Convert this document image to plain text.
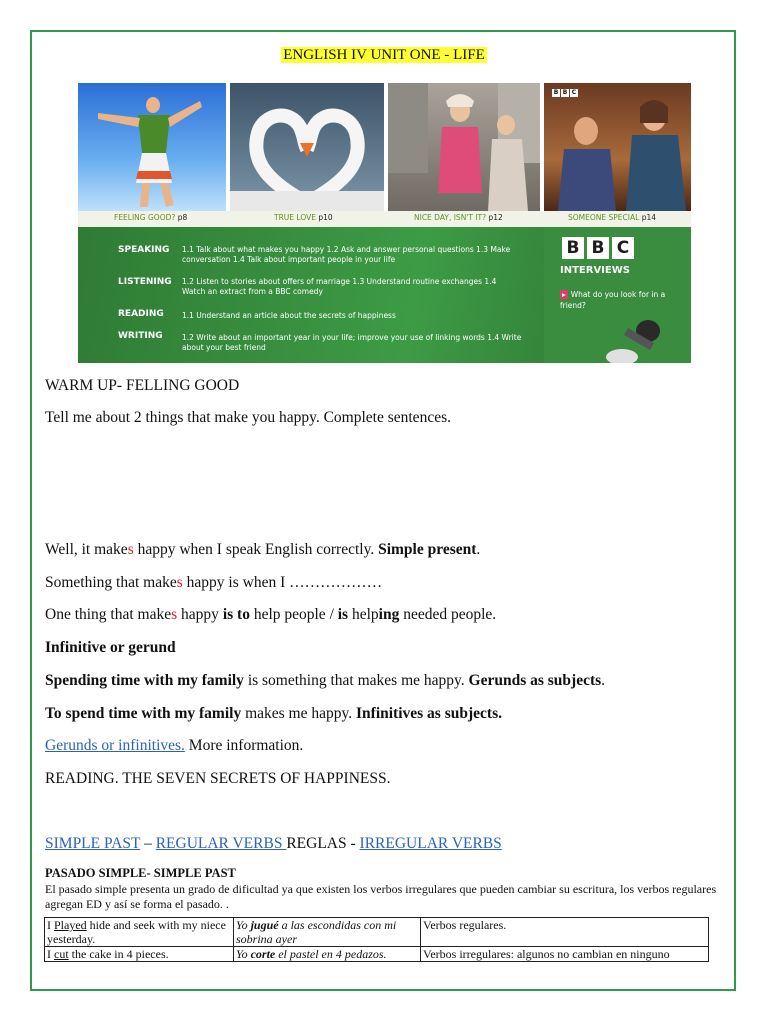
ENGLISH IV UNIT ONE - LIFE
B B C
FEELING GOOD? p8	TRUE LOVE p10	NICE DAY, ISN'T IT? p12	SOMEONE SPECIAL p14
SPEAKING 1.1 Talk about what makes you happy 1.2 Ask and answer personal questions 1.3 Make conversation 1.4 Talk about important people in your life
LISTENING 1.2 Listen to stories about offers of marriage 1.3 Understand routine exchanges 1.4 Watch an extract from a BBC comedy
READING 1.1 Understand an article about the secrets of happiness
WRITING	1.2 Write about an important year in your life; improve your use of linking words 1.4 Write about your best friend
B B C
INTERVIEWS
▸ What do you look for in a friend?
WARM UP- FELLING GOOD
Tell me about 2 things that make you happy. Complete sentences.
Well, it makes happy when I speak English correctly. Simple present.
Something that makes happy is when I ………………
One thing that makes happy is to help people / is helping needed people.
Infinitive or gerund
Spending time with my family is something that makes me happy. Gerunds as subjects.
To spend time with my family makes me happy. Infinitives as subjects.
Gerunds or infinitives. More information.
READING. THE SEVEN SECRETS OF HAPPINESS.
SIMPLE PAST – REGULAR VERBS REGLAS - IRREGULAR VERBS
PASADO SIMPLE- SIMPLE PAST
El pasado simple presenta un grado de dificultad ya que existen los verbos irregulares que pueden cambiar su escritura, los verbos regulares agregan ED y así se forma el pasado. .
I Played hide and seek with my niece yesterday.	Yo jugué a las escondidas con mi sobrina ayer	Verbos regulares.
I cut the cake in 4 pieces.	Yo corte el pastel en 4 pedazos.	Verbos irregulares: algunos no cambian en ninguno
